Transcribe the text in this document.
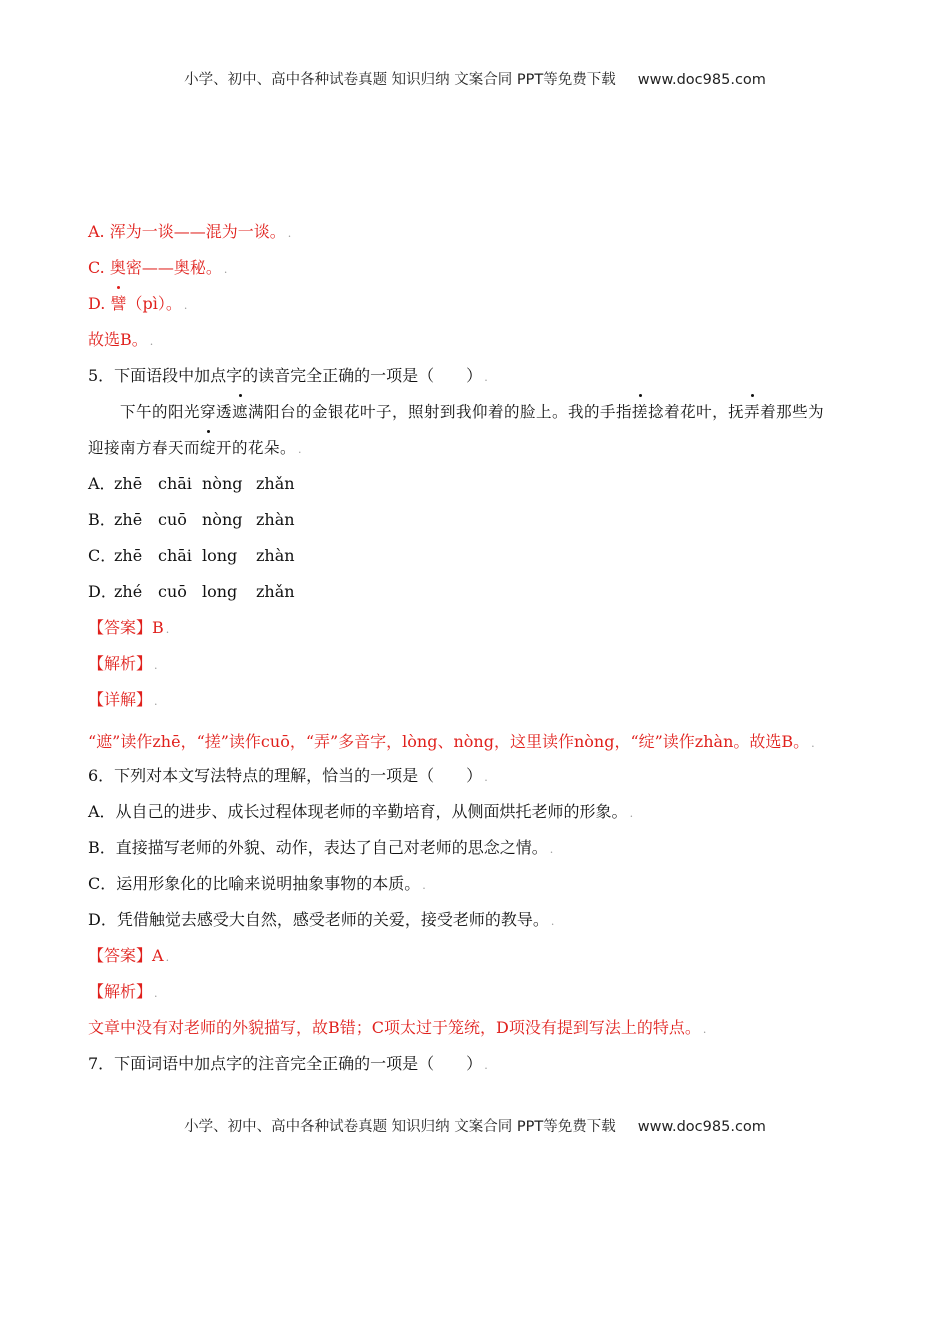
小学、初中、高中各种试卷真题 知识归纳 文案合同 PPT等免费下载 www.doc985.com
A. 浑为一谈——混为一谈。 .
C. 奥密——奥秘。 .
D. 譬（pì）。 .
故选B。 .
5．下面语段中加点字的读音完全正确的一项是（　　） .
下午的阳光穿透遮满阳台的金银花叶子，照射到我仰着的脸上。我的手指搓捻着花叶，抚弄着那些为
迎接南方春天而绽开的花朵。 .
A．
zhē chāi nòng zhǎn
B．
zhē cuō nòng zhàn
C．
zhē chāi long	zhàn
D．
zhé cuō long	zhǎn
【答案】B .
【解析】 .
【详解】 .
“遮”读作zhē，“搓”读作cuō，“弄”多音字，lòng、nòng，这里读作nòng，“绽”读作zhàn。故选B。 .
6．下列对本文写法特点的理解，恰当的一项是（　　） .
A．从自己的进步、成长过程体现老师的辛勤培育，从侧面烘托老师的形象。 .
B．直接描写老师的外貌、动作，表达了自己对老师的思念之情。 .
C．运用形象化的比喻来说明抽象事物的本质。 .
D．凭借触觉去感受大自然，感受老师的关爱，接受老师的教导。 .
【答案】A .
【解析】 .
文章中没有对老师的外貌描写，故B错；C项太过于笼统，D项没有提到写法上的特点。 .
7．下面词语中加点字的注音完全正确的一项是（　　） .
小学、初中、高中各种试卷真题 知识归纳 文案合同 PPT等免费下载 www.doc985.com
